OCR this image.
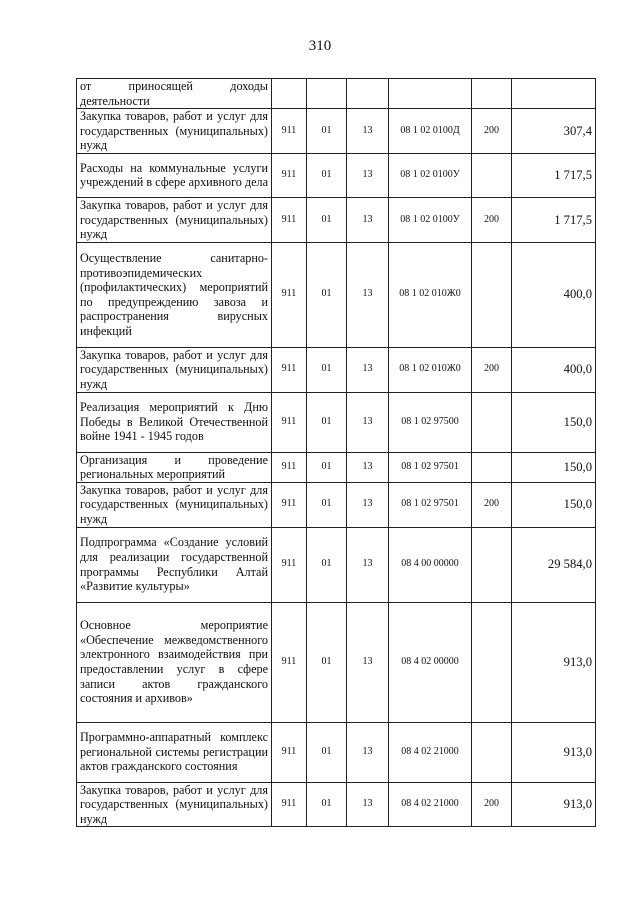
310
от приносящей доходы деятельности						
Закупка товаров, работ и услуг для государственных (муниципальных) нужд	911	01	13	08 1 02 0100Д	200	307,4
Расходы на коммунальные услуги учреждений в сфере архивного дела	911	01	13	08 1 02 0100У		1 717,5
Закупка товаров, работ и услуг для государственных (муниципальных) нужд	911	01	13	08 1 02 0100У	200	1 717,5
Осуществление санитарно-противоэпидемических (профилактических) мероприятий по предупреждению завоза и распространения вирусных инфекций	911	01	13	08 1 02 010Ж0		400,0
Закупка товаров, работ и услуг для государственных (муниципальных) нужд	911	01	13	08 1 02 010Ж0	200	400,0
Реализация мероприятий к Дню Победы в Великой Отечественной войне 1941 - 1945 годов	911	01	13	08 1 02 97500		150,0
Организация и проведение региональных мероприятий	911	01	13	08 1 02 97501		150,0
Закупка товаров, работ и услуг для государственных (муниципальных) нужд	911	01	13	08 1 02 97501	200	150,0
Подпрограмма «Создание условий для реализации государственной программы Республики Алтай «Развитие культуры»	911	01	13	08 4 00 00000		29 584,0
Основное мероприятие «Обеспечение межведомственного электронного взаимодействия при предоставлении услуг в сфере записи актов гражданского состояния и архивов»	911	01	13	08 4 02 00000		913,0
Программно-аппаратный комплекс региональной системы регистрации актов гражданского состояния	911	01	13	08 4 02 21000		913,0
Закупка товаров, работ и услуг для государственных (муниципальных) нужд	911	01	13	08 4 02 21000	200	913,0
